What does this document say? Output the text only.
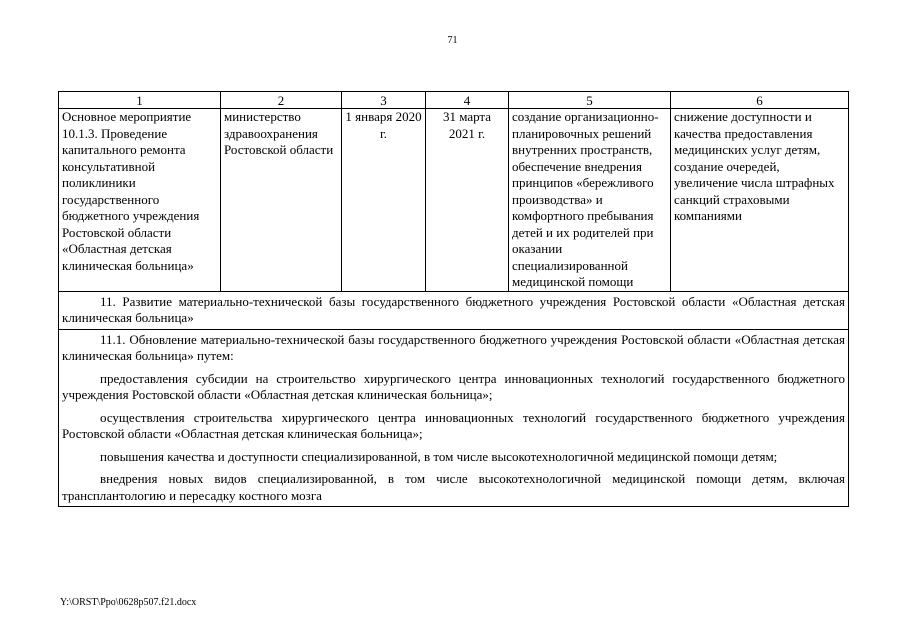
71
1	2	3	4	5	6
Основное мероприятие 10.1.3. Проведение капитального ремонта консультативной поликлиники государственного бюджетного учреждения Ростовской области «Областная детская клиническая больница»	министерство здравоохранения Ростовской области	1 января 2020 г.	31 марта 2021 г.	создание организационно-планировочных решений внутренних пространств, обеспечение внедрения принципов «бережливого производства» и комфортного пребывания детей и их родителей при оказании специализированной медицинской помощи	снижение доступности и качества предоставления медицинских услуг детям, создание очередей, увеличение числа штрафных санкций страховыми компаниями

11. Развитие материально-технической базы государственного бюджетного учреждения Ростовской области «Областная детская клиническая больница»					

11.1. Обновление материально-технической базы государственного бюджетного учреждения Ростовской области «Областная детская клиническая больница» путем:

предоставления субсидии на строительство хирургического центра инновационных технологий государственного бюджетного учреждения Ростовской области «Областная детская клиническая больница»;

осуществления строительства хирургического центра инновационных технологий государственного бюджетного учреждения Ростовской области «Областная детская клиническая больница»;

повышения качества и доступности специализированной, в том числе высокотехнологичной медицинской помощи детям;

внедрения новых видов специализированной, в том числе высокотехнологичной медицинской помощи детям, включая трансплантологию и пересадку костного мозга					

Y:\ORST\Ppo\0628p507.f21.docx
